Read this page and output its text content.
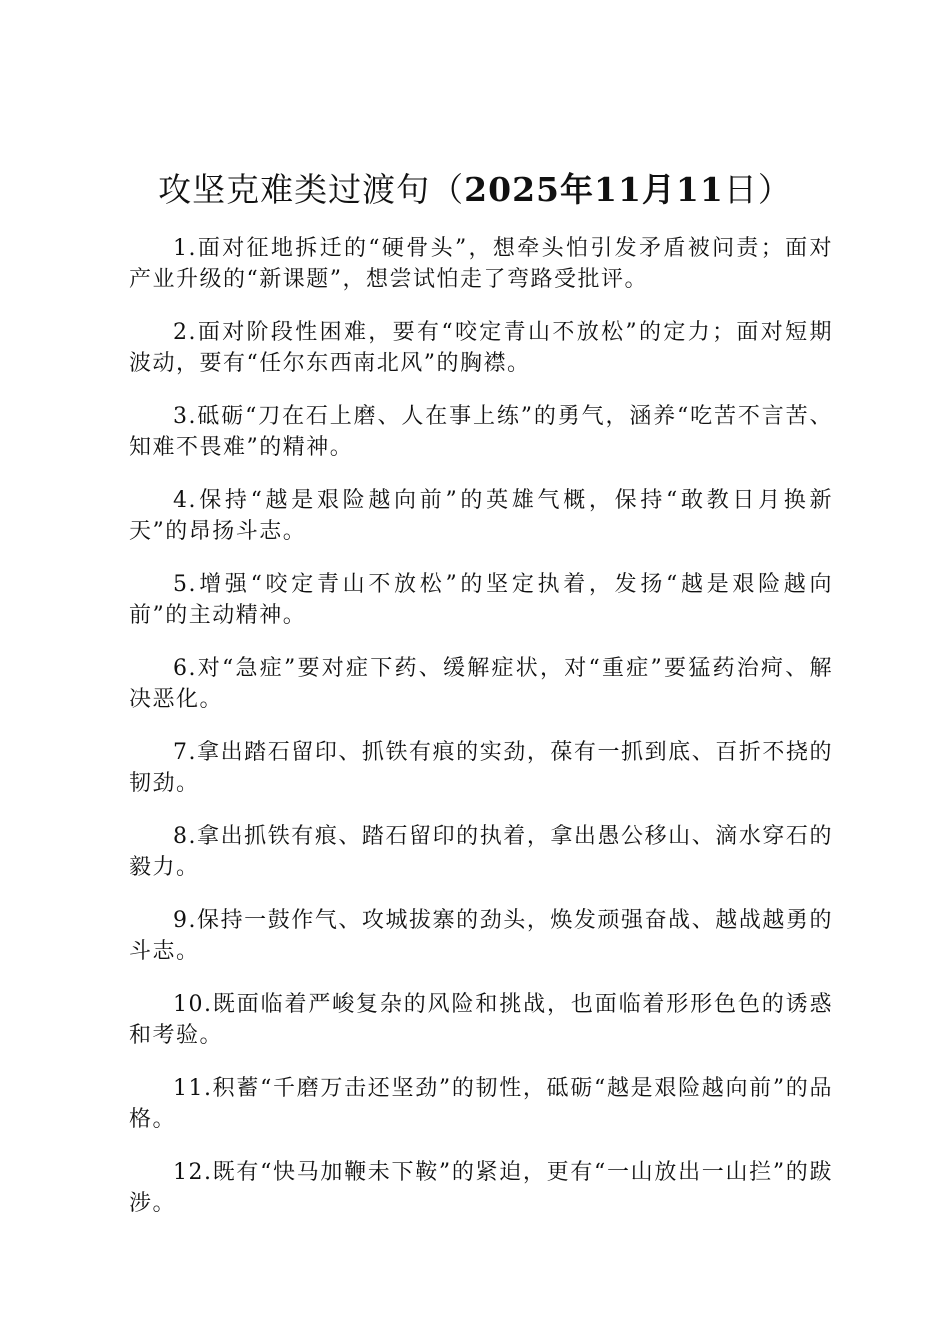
攻坚克难类过渡句（2025年11月11日）

1.面对征地拆迁的“硬骨头”，想牵头怕引发矛盾被问责；面对产业升级的“新课题”，想尝试怕走了弯路受批评。

2.面对阶段性困难，要有“咬定青山不放松”的定力；面对短期波动，要有“任尔东西南北风”的胸襟。

3.砥砺“刀在石上磨、人在事上练”的勇气，涵养“吃苦不言苦、知难不畏难”的精神。

4.保持“越是艰险越向前”的英雄气概，保持“敢教日月换新天”的昂扬斗志。

5.增强“咬定青山不放松”的坚定执着，发扬“越是艰险越向前”的主动精神。

6.对“急症”要对症下药、缓解症状，对“重症”要猛药治疴、解决恶化。

7.拿出踏石留印、抓铁有痕的实劲，葆有一抓到底、百折不挠的韧劲。

8.拿出抓铁有痕、踏石留印的执着，拿出愚公移山、滴水穿石的毅力。

9.保持一鼓作气、攻城拔寨的劲头，焕发顽强奋战、越战越勇的斗志。

10.既面临着严峻复杂的风险和挑战，也面临着形形色色的诱惑和考验。

11.积蓄“千磨万击还坚劲”的韧性，砥砺“越是艰险越向前”的品格。

12.既有“快马加鞭未下鞍”的紧迫，更有“一山放出一山拦”的跋涉。
